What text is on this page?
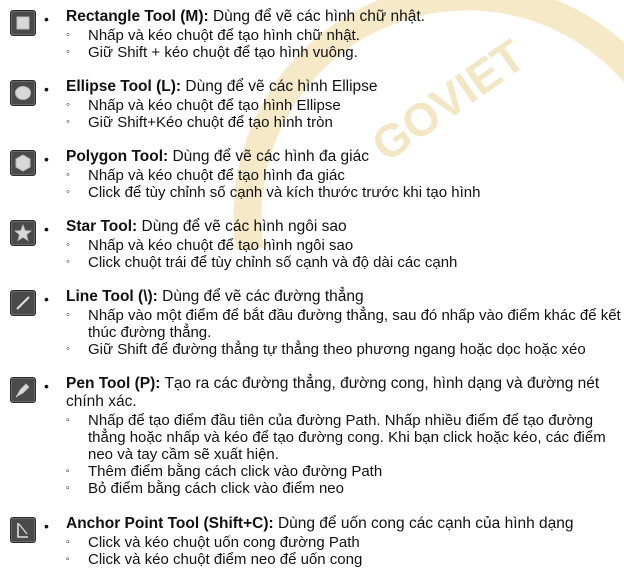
GOVIET
• Rectangle Tool (M): Dùng để vẽ các hình chữ nhật.
◦	Nhấp và kéo chuột để tạo hình chữ nhật.
◦	Giữ Shift + kéo chuột để tạo hình vuông.
• Ellipse Tool (L): Dùng để vẽ các hình Ellipse
◦	Nhấp và kéo chuột để tạo hình Ellipse
◦	Giữ Shift+Kéo chuột để tạo hình tròn
• Polygon Tool: Dùng để vẽ các hình đa giác
◦	Nhấp và kéo chuột để tạo hình đa giác
◦	Click để tùy chỉnh số cạnh và kích thước trước khi tạo hình
• Star Tool: Dùng để vẽ các hình ngôi sao
◦	Nhấp và kéo chuột để tạo hình ngôi sao
◦	Click chuột trái để tùy chỉnh số cạnh và độ dài các cạnh
• Line Tool (\): Dùng để vẽ các đường thẳng
◦	Nhấp vào một điểm để bắt đầu đường thẳng, sau đó nhấp vào điểm khác để kết thúc đường thẳng.
◦	Giữ Shift để đường thẳng tự thẳng theo phương ngang hoặc dọc hoặc xéo
• Pen Tool (P): Tạo ra các đường thẳng, đường cong, hình dạng và đường nét
chính xác.
▫	Nhấp để tạo điểm đầu tiên của đường Path. Nhấp nhiều điểm để tạo đường thẳng hoặc nhấp và kéo để tạo đường cong. Khi bạn click hoặc kéo, các điểm neo và tay cầm sẽ xuất hiện.
▫	Thêm điểm bằng cách click vào đường Path
▫	Bỏ điểm bằng cách click vào điểm neo
• Anchor Point Tool (Shift+C): Dùng để uốn cong các cạnh của hình dạng
▫	Click và kéo chuột uốn cong đường Path
▫	Click và kéo chuột điểm neo để uốn cong
